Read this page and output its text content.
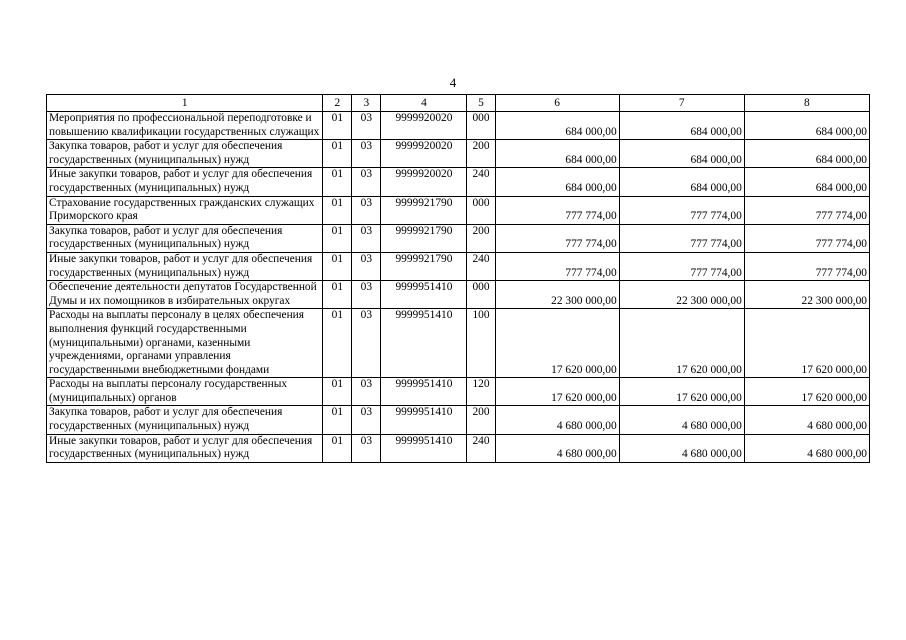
4
1	2	3	4	5	6	7	8
Мероприятия по профессиональной переподготовке и повышению квалификации государственных служащих	01	03	9999920020	000	684 000,00	684 000,00	684 000,00

Закупка товаров, работ и услуг для обеспечения государственных (муниципальных) нужд	01	03	9999920020	200	684 000,00	684 000,00	684 000,00

Иные закупки товаров, работ и услуг для обеспечения государственных (муниципальных) нужд	01	03	9999920020	240	684 000,00	684 000,00	684 000,00

Страхование государственных гражданских служащих Приморского края	01	03	9999921790	000	777 774,00	777 774,00	777 774,00

Закупка товаров, работ и услуг для обеспечения государственных (муниципальных) нужд	01	03	9999921790	200	777 774,00	777 774,00	777 774,00

Иные закупки товаров, работ и услуг для обеспечения государственных (муниципальных) нужд	01	03	9999921790	240	777 774,00	777 774,00	777 774,00

Обеспечение деятельности депутатов Государственной Думы и их помощников в избирательных округах	01	03	9999951410	000	22 300 000,00	22 300 000,00	22 300 000,00

Расходы на выплаты персоналу в целях обеспечения выполнения функций государственными (муниципальными) органами, казенными учреждениями, органами управления государственными внебюджетными фондами	01	03	9999951410	100	17 620 000,00	17 620 000,00	17 620 000,00

Расходы на выплаты персоналу государственных (муниципальных) органов	01	03	9999951410	120	17 620 000,00	17 620 000,00	17 620 000,00

Закупка товаров, работ и услуг для обеспечения государственных (муниципальных) нужд	01	03	9999951410	200	4 680 000,00	4 680 000,00	4 680 000,00

Иные закупки товаров, работ и услуг для обеспечения государственных (муниципальных) нужд	01	03	9999951410	240	4 680 000,00	4 680 000,00	4 680 000,00
